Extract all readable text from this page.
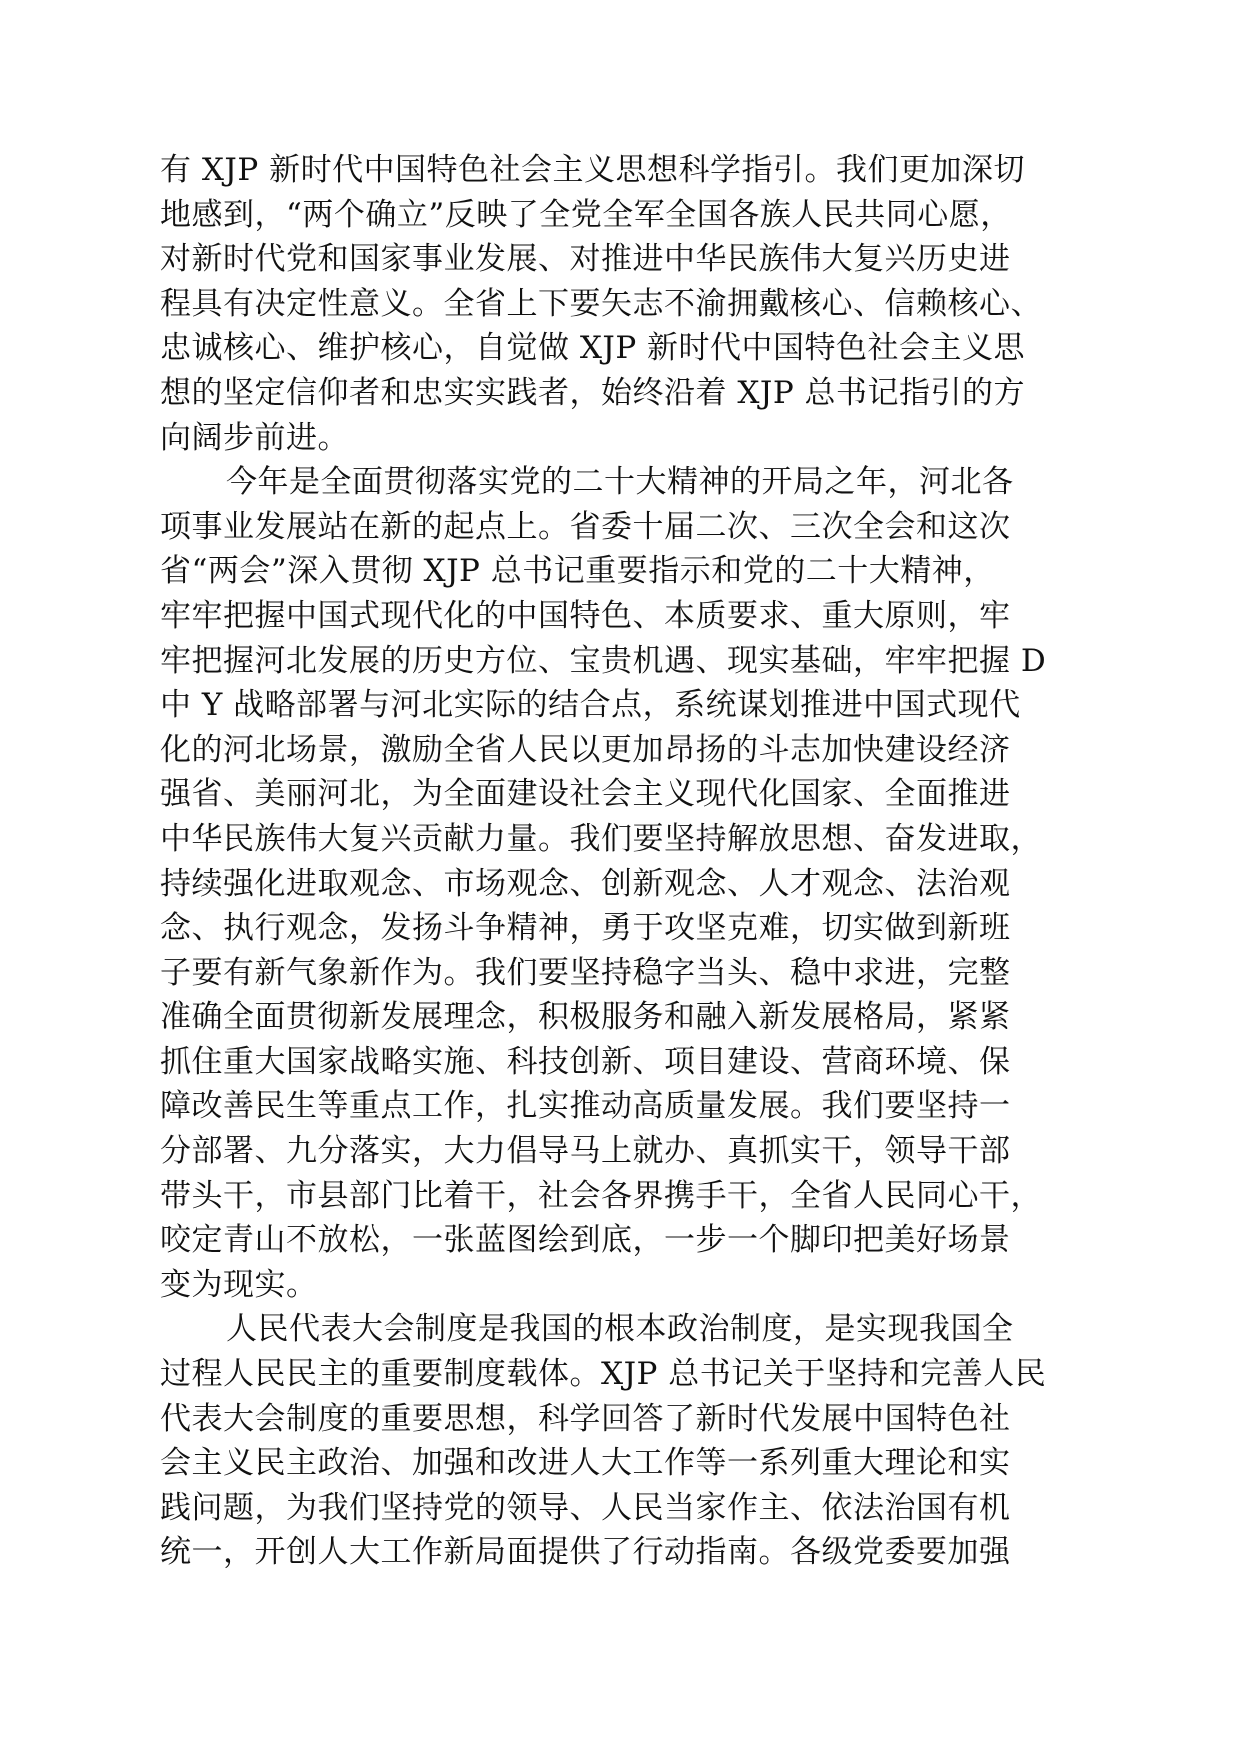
有 XJP 新时代中国特色社会主义思想科学指引。我们更加深切
地感到，“两个确立”反映了全党全军全国各族人民共同心愿，
对新时代党和国家事业发展、对推进中华民族伟大复兴历史进
程具有决定性意义。全省上下要矢志不渝拥戴核心、信赖核心、
忠诚核心、维护核心，自觉做 XJP 新时代中国特色社会主义思
想的坚定信仰者和忠实实践者，始终沿着 XJP 总书记指引的方
向阔步前进。

今年是全面贯彻落实党的二十大精神的开局之年，河北各
项事业发展站在新的起点上。省委十届二次、三次全会和这次
省“两会”深入贯彻 XJP 总书记重要指示和党的二十大精神，
牢牢把握中国式现代化的中国特色、本质要求、重大原则，牢
牢把握河北发展的历史方位、宝贵机遇、现实基础，牢牢把握 D
中 Y 战略部署与河北实际的结合点，系统谋划推进中国式现代
化的河北场景，激励全省人民以更加昂扬的斗志加快建设经济
强省、美丽河北，为全面建设社会主义现代化国家、全面推进
中华民族伟大复兴贡献力量。我们要坚持解放思想、奋发进取，
持续强化进取观念、市场观念、创新观念、人才观念、法治观
念、执行观念，发扬斗争精神，勇于攻坚克难，切实做到新班
子要有新气象新作为。我们要坚持稳字当头、稳中求进，完整
准确全面贯彻新发展理念，积极服务和融入新发展格局，紧紧
抓住重大国家战略实施、科技创新、项目建设、营商环境、保
障改善民生等重点工作，扎实推动高质量发展。我们要坚持一
分部署、九分落实，大力倡导马上就办、真抓实干，领导干部
带头干，市县部门比着干，社会各界携手干，全省人民同心干，
咬定青山不放松，一张蓝图绘到底，一步一个脚印把美好场景
变为现实。

人民代表大会制度是我国的根本政治制度，是实现我国全
过程人民民主的重要制度载体。XJP 总书记关于坚持和完善人民
代表大会制度的重要思想，科学回答了新时代发展中国特色社
会主义民主政治、加强和改进人大工作等一系列重大理论和实
践问题，为我们坚持党的领导、人民当家作主、依法治国有机
统一，开创人大工作新局面提供了行动指南。各级党委要加强
